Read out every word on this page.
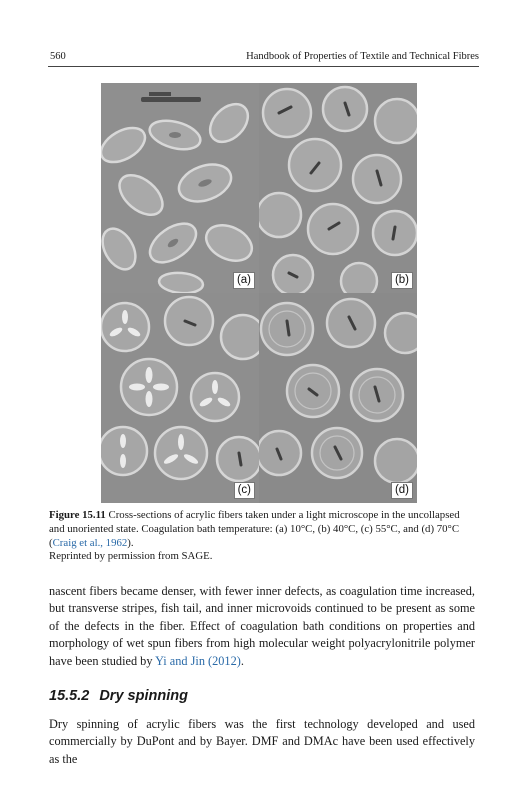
560	Handbook of Properties of Textile and Technical Fibres
(a)	(b)
(c)	(d)
Figure 15.11 Cross-sections of acrylic fibers taken under a light microscope in the uncollapsed and unoriented state. Coagulation bath temperature: (a) 10°C, (b) 40°C, (c) 55°C, and (d) 70°C
(Craig et al., 1962).
Reprinted by permission from SAGE.
nascent fibers became denser, with fewer inner defects, as coagulation time increased, but transverse stripes, fish tail, and inner microvoids continued to be present as some of the defects in the fiber. Effect of coagulation bath conditions on properties and morphology of wet spun fibers from high molecular weight polyacrylonitrile polymer have been studied by Yi and Jin (2012).
15.5.2 Dry spinning
Dry spinning of acrylic fibers was the first technology developed and used commercially by DuPont and by Bayer. DMF and DMAc have been used effectively as the
